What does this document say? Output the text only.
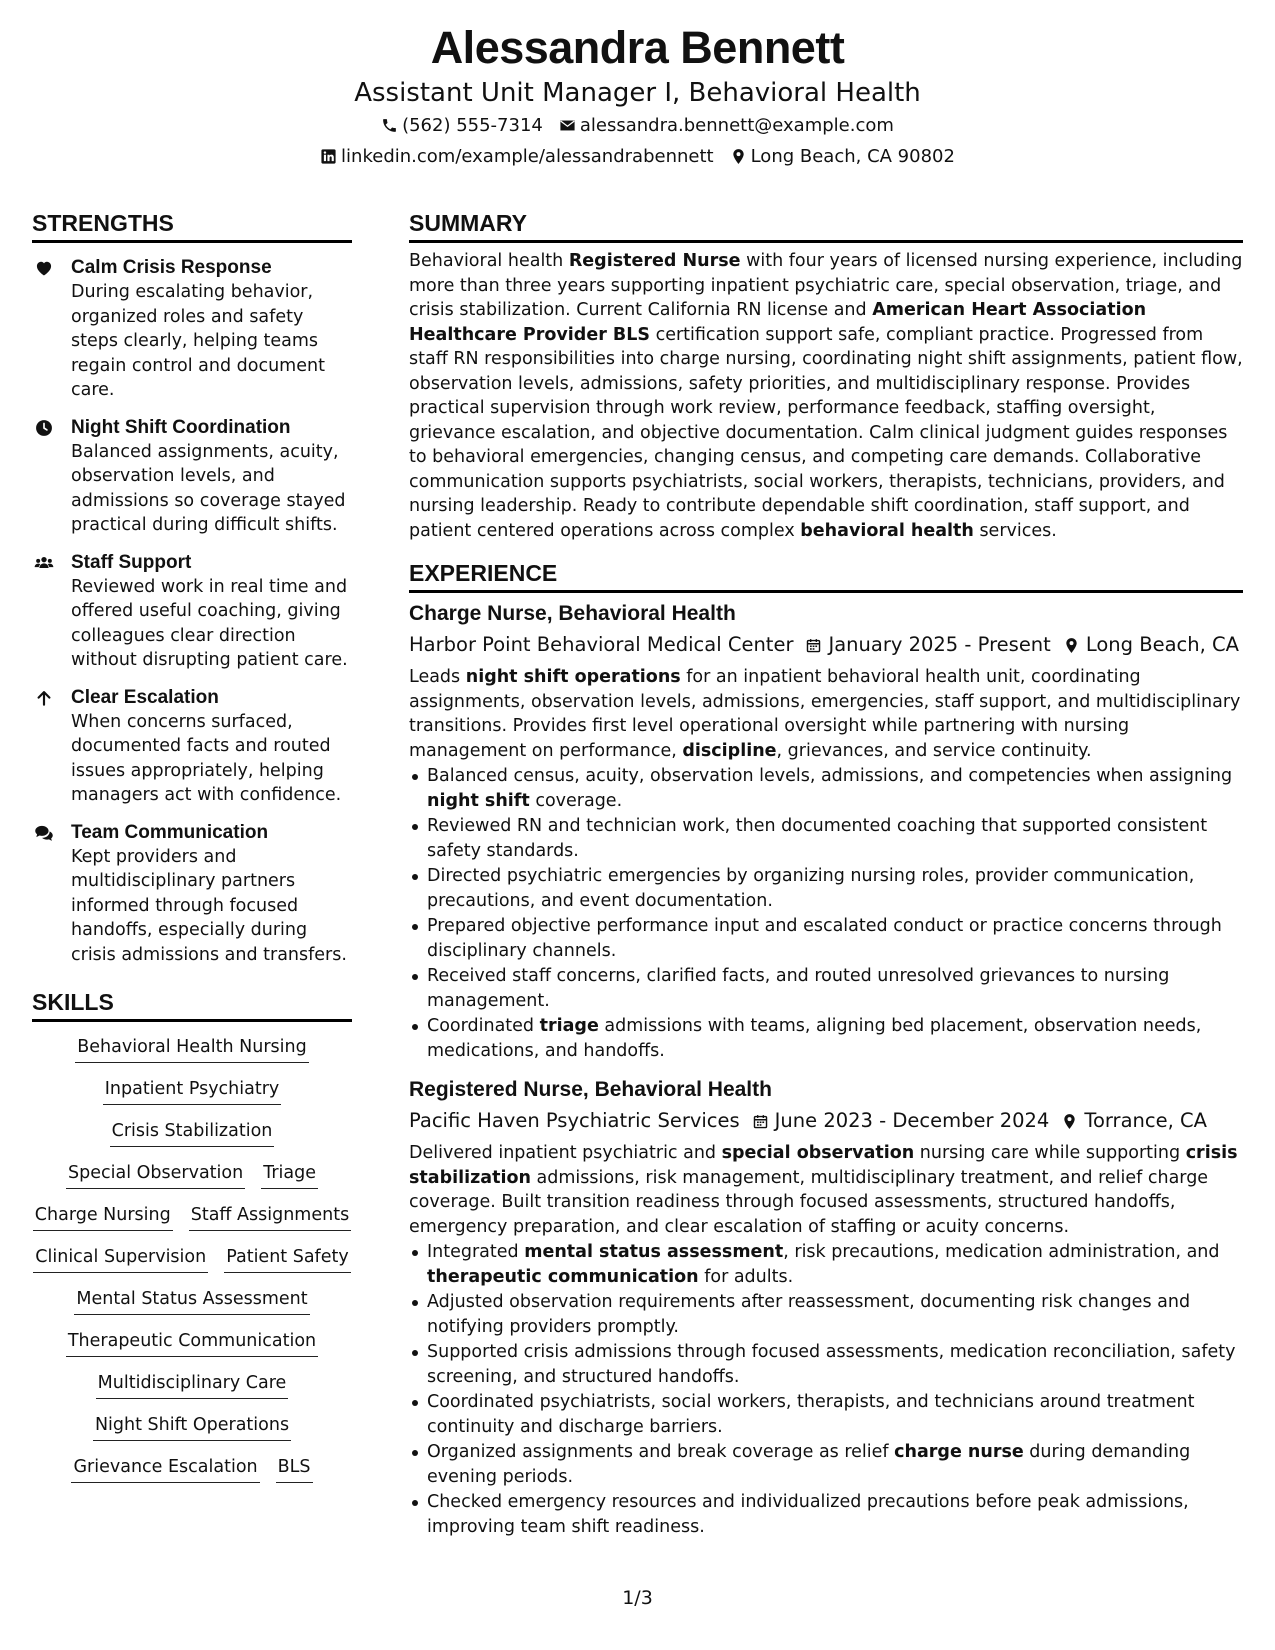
Alessandra Bennett
Assistant Unit Manager I, Behavioral Health
(562) 555-7314 alessandra.bennett@example.com
linkedin.com/example/alessandrabennett Long Beach, CA 90802
STRENGTHS
Calm Crisis Response
During escalating behavior, organized roles and safety steps clearly, helping teams regain control and document care.
Night Shift Coordination
Balanced assignments, acuity, observation levels, and admissions so coverage stayed practical during difficult shifts.
Staff Support
Reviewed work in real time and offered useful coaching, giving colleagues clear direction without disrupting patient care.
Clear Escalation
When concerns surfaced, documented facts and routed issues appropriately, helping managers act with confidence.
Team Communication
Kept providers and multidisciplinary partners informed through focused handoffs, especially during crisis admissions and transfers.
SKILLS
Behavioral Health Nursing
Inpatient Psychiatry
Crisis Stabilization
Special Observation Triage
Charge Nursing Staff Assignments
Clinical Supervision Patient Safety
Mental Status Assessment
Therapeutic Communication
Multidisciplinary Care
Night Shift Operations
Grievance Escalation BLS
SUMMARY
Behavioral health Registered Nurse with four years of licensed nursing experience, including more than three years supporting inpatient psychiatric care, special observation, triage, and crisis stabilization. Current California RN license and American Heart Association Healthcare Provider BLS certification support safe, compliant practice. Progressed from staff RN responsibilities into charge nursing, coordinating night shift assignments, patient flow, observation levels, admissions, safety priorities, and multidisciplinary response. Provides practical supervision through work review, performance feedback, staffing oversight, grievance escalation, and objective documentation. Calm clinical judgment guides responses to behavioral emergencies, changing census, and competing care demands. Collaborative communication supports psychiatrists, social workers, therapists, technicians, providers, and nursing leadership. Ready to contribute dependable shift coordination, staff support, and patient centered operations across complex behavioral health services.
EXPERIENCE
Charge Nurse, Behavioral Health
Harbor Point Behavioral Medical Center January 2025 - Present Long Beach, CA
Leads night shift operations for an inpatient behavioral health unit, coordinating assignments, observation levels, admissions, emergencies, staff support, and multidisciplinary transitions. Provides first level operational oversight while partnering with nursing management on performance, discipline, grievances, and service continuity.
Balanced census, acuity, observation levels, admissions, and competencies when assigning night shift coverage.
Reviewed RN and technician work, then documented coaching that supported consistent safety standards.
Directed psychiatric emergencies by organizing nursing roles, provider communication, precautions, and event documentation.
Prepared objective performance input and escalated conduct or practice concerns through disciplinary channels.
Received staff concerns, clarified facts, and routed unresolved grievances to nursing management.
Coordinated triage admissions with teams, aligning bed placement, observation needs, medications, and handoffs.
Registered Nurse, Behavioral Health
Pacific Haven Psychiatric Services June 2023 - December 2024 Torrance, CA
Delivered inpatient psychiatric and special observation nursing care while supporting crisis stabilization admissions, risk management, multidisciplinary treatment, and relief charge coverage. Built transition readiness through focused assessments, structured handoffs, emergency preparation, and clear escalation of staffing or acuity concerns.
Integrated mental status assessment, risk precautions, medication administration, and therapeutic communication for adults.
Adjusted observation requirements after reassessment, documenting risk changes and notifying providers promptly.
Supported crisis admissions through focused assessments, medication reconciliation, safety screening, and structured handoffs.
Coordinated psychiatrists, social workers, therapists, and technicians around treatment continuity and discharge barriers.
Organized assignments and break coverage as relief charge nurse during demanding evening periods.
Checked emergency resources and individualized precautions before peak admissions, improving team shift readiness.
1/3
